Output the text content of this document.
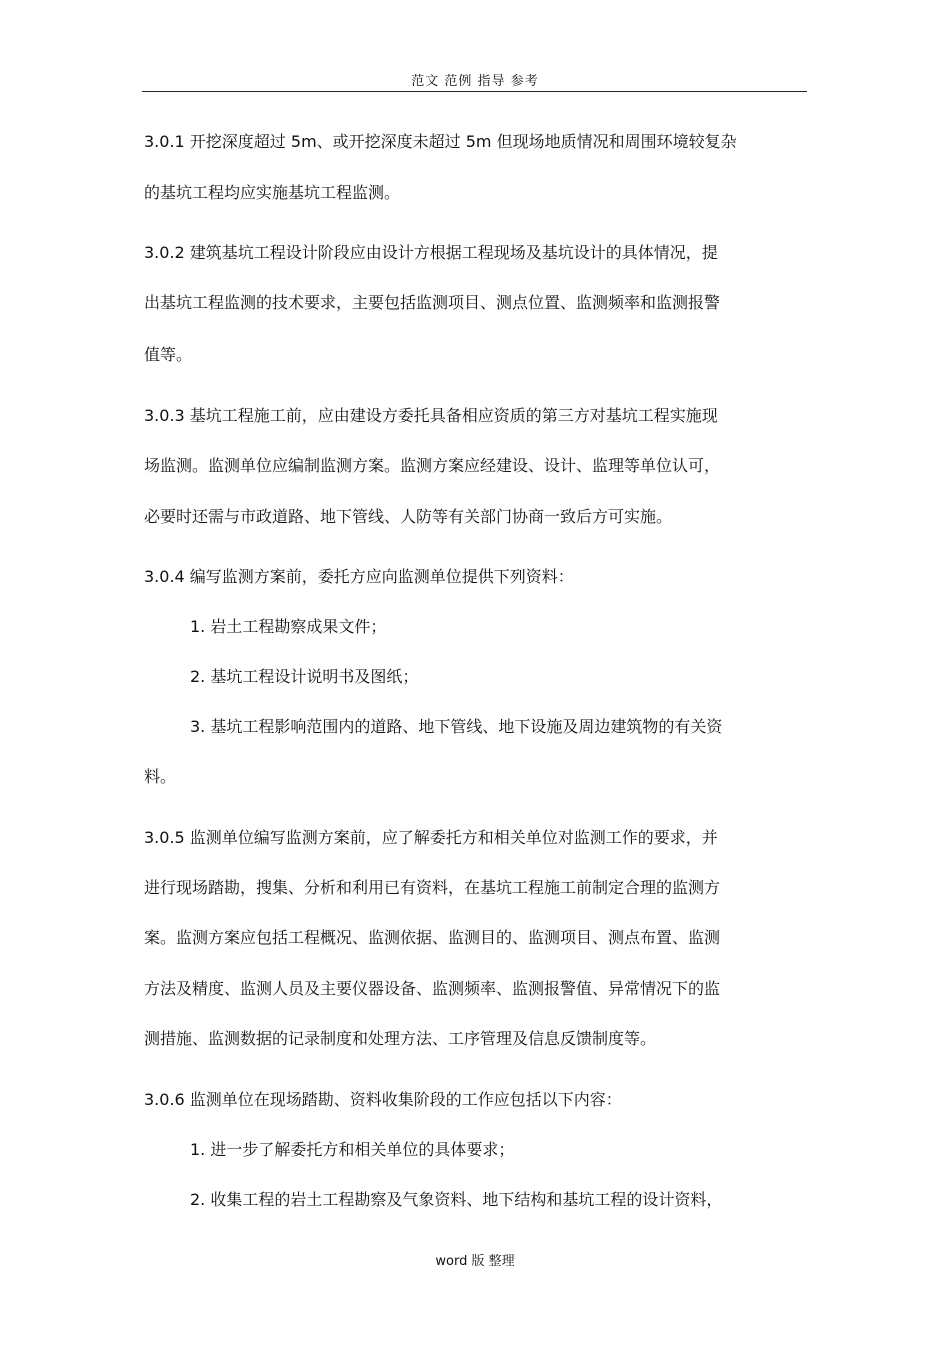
范文 范例 指导 参考
3.0.1 开挖深度超过 5m、或开挖深度未超过 5m 但现场地质情况和周围环境较复杂
的基坑工程均应实施基坑工程监测。
3.0.2 建筑基坑工程设计阶段应由设计方根据工程现场及基坑设计的具体情况，提
出基坑工程监测的技术要求，主要包括监测项目、测点位置、监测频率和监测报警
值等。
3.0.3 基坑工程施工前，应由建设方委托具备相应资质的第三方对基坑工程实施现
场监测。监测单位应编制监测方案。监测方案应经建设、设计、监理等单位认可，
必要时还需与市政道路、地下管线、人防等有关部门协商一致后方可实施。
3.0.4 编写监测方案前，委托方应向监测单位提供下列资料：
1. 岩土工程勘察成果文件；
2. 基坑工程设计说明书及图纸；
3. 基坑工程影响范围内的道路、地下管线、地下设施及周边建筑物的有关资
料。
3.0.5 监测单位编写监测方案前，应了解委托方和相关单位对监测工作的要求，并
进行现场踏勘，搜集、分析和利用已有资料，在基坑工程施工前制定合理的监测方
案。监测方案应包括工程概况、监测依据、监测目的、监测项目、测点布置、监测
方法及精度、监测人员及主要仪器设备、监测频率、监测报警值、异常情况下的监
测措施、监测数据的记录制度和处理方法、工序管理及信息反馈制度等。
3.0.6 监测单位在现场踏勘、资料收集阶段的工作应包括以下内容：
1. 进一步了解委托方和相关单位的具体要求；
2. 收集工程的岩土工程勘察及气象资料、地下结构和基坑工程的设计资料，
word 版 整理
